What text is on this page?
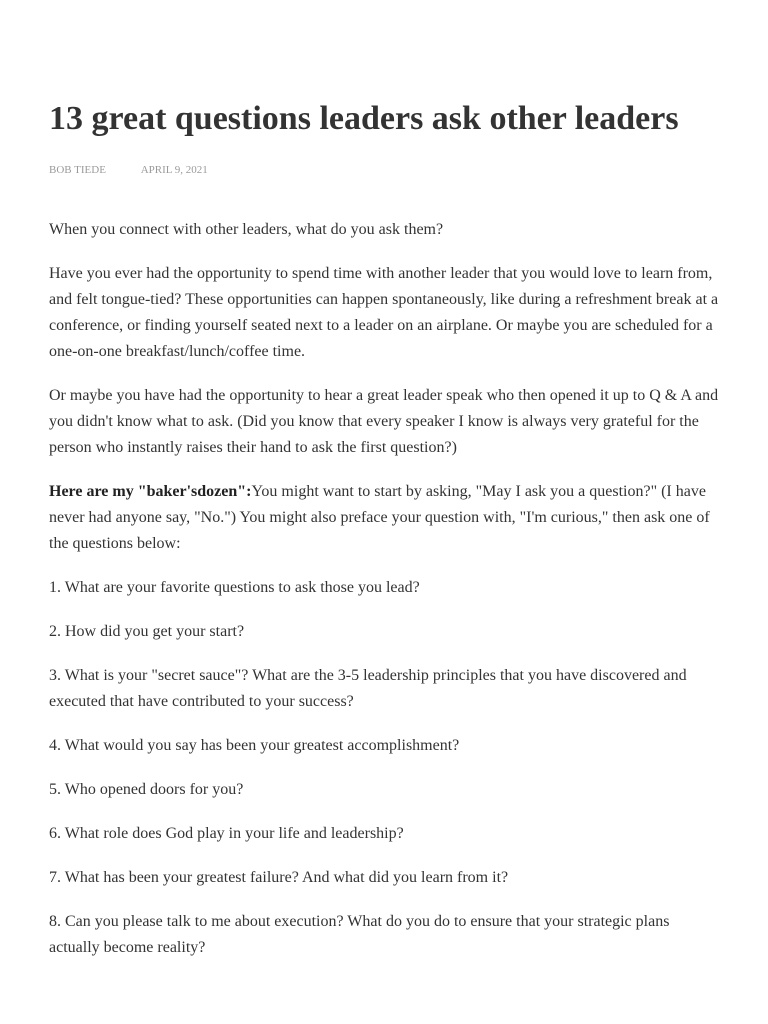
13 great questions leaders ask other leaders
BOB TIEDE	APRIL 9, 2021

When you connect with other leaders, what do you ask them?

Have you ever had the opportunity to spend time with another leader that you would love to learn from, and felt tongue-tied? These opportunities can happen spontaneously, like during a refreshment break at a conference, or finding yourself seated next to a leader on an airplane. Or maybe you are scheduled for a one-on-one breakfast/lunch/coffee time.

Or maybe you have had the opportunity to hear a great leader speak who then opened it up to Q & A and you didn't know what to ask. (Did you know that every speaker I know is always very grateful for the person who instantly raises their hand to ask the first question?)

Here are my "baker'sdozen":You might want to start by asking, "May I ask you a question?" (I have never had anyone say, "No.") You might also preface your question with, "I'm curious," then ask one of the questions below:

1. What are your favorite questions to ask those you lead?

2. How did you get your start?

3. What is your "secret sauce"? What are the 3-5 leadership principles that you have discovered and executed that have contributed to your success?

4. What would you say has been your greatest accomplishment?

5. Who opened doors for you?

6. What role does God play in your life and leadership?

7. What has been your greatest failure? And what did you learn from it?

8. Can you please talk to me about execution? What do you do to ensure that your strategic plans actually become reality?
